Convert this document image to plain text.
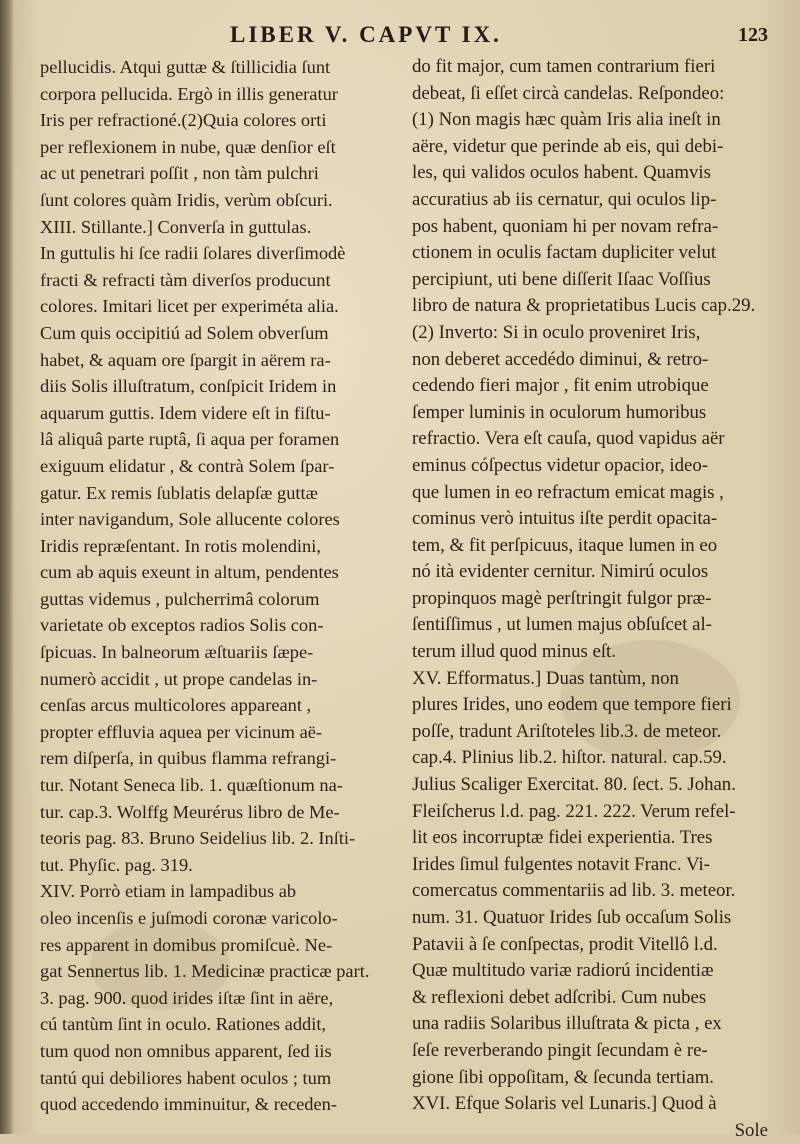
LIBER V. CAPVT IX.	123
pellucidis. Atqui guttæ & ſtillicidia ſunt
corpora pellucida. Ergò in illis generatur
Iris per refractioné.(2)Quia colores orti
per reflexionem in nube, quæ denſior eſt
ac ut penetrari poſſit , non tàm pulchri
ſunt colores quàm Iridis, verùm obſcuri.
XIII. Stillante.] Converſa in guttulas.
In guttulis hi ſce radii ſolares diverſimodè
fracti & refracti tàm diverſos producunt
colores. Imitari licet per experiméta alia.
Cum quis occipitiú ad Solem obverſum
habet, & aquam ore ſpargit in aërem ra-
diis Solis illuſtratum, conſpicit Iridem in
aquarum guttis. Idem videre eſt in fiſtu-
lâ aliquâ parte ruptâ, ſi aqua per foramen
exiguum elidatur , & contrà Solem ſpar-
gatur. Ex remis ſublatis delapſæ guttæ
inter navigandum, Sole allucente colores
Iridis repræſentant. In rotis molendini,
cum ab aquis exeunt in altum, pendentes
guttas videmus , pulcherrimâ colorum
varietate ob exceptos radios Solis con-
ſpicuas. In balneorum æſtuariis ſæpe-
numerò accidit , ut prope candelas in-
cenſas arcus multicolores appareant ,
propter effluvia aquea per vicinum aë-
rem diſperſa, in quibus flamma refrangi-
tur. Notant Seneca lib. 1. quæſtionum na-
tur. cap.3. Wolffg Meurérus libro de Me-
teoris pag. 83. Bruno Seidelius lib. 2. Inſti-
tut. Phyſic. pag. 319.
XIV. Porrò etiam in lampadibus ab
oleo incenſis e juſmodi coronæ varicolo-
res apparent in domibus promiſcuè. Ne-
gat Sennertus lib. 1. Medicinæ practicæ part.
3. pag. 900. quod irides iſtæ ſint in aëre,
cú tantùm ſint in oculo. Rationes addit,
tum quod non omnibus apparent, ſed iis
tantú qui debiliores habent oculos ; tum
quod accedendo imminuitur, & receden-
do fit major, cum tamen contrarium fieri
debeat, ſi eſſet circà candelas. Reſpondeo:
(1) Non magis hæc quàm Iris alia ineſt in
aëre, videtur que perinde ab eis, qui debi-
les, qui validos oculos habent. Quamvis
accuratius ab iis cernatur, qui oculos lip-
pos habent, quoniam hi per novam refra-
ctionem in oculis factam dupliciter velut
percipiunt, uti bene diſſerit Iſaac Voſſius
libro de natura & proprietatibus Lucis cap.29.
(2) Inverto: Si in oculo proveniret Iris,
non deberet accedédo diminui, & retro-
cedendo fieri major , fit enim utrobique
ſemper luminis in oculorum humoribus
refractio. Vera eſt cauſa, quod vapidus aër
eminus cóſpectus videtur opacior, ideo-
que lumen in eo refractum emicat magis ,
cominus verò intuitus iſte perdit opacita-
tem, & fit perſpicuus, itaque lumen in eo
nó ità evidenter cernitur. Nimirú oculos
propinquos magè perſtringit fulgor præ-
ſentiſſimus , ut lumen majus obſuſcet al-
terum illud quod minus eſt.
XV. Efformatus.] Duas tantùm, non
plures Irides, uno eodem que tempore fieri
poſſe, tradunt Ariſtoteles lib.3. de meteor.
cap.4. Plinius lib.2. hiſtor. natural. cap.59.
Julius Scaliger Exercitat. 80. ſect. 5. Johan.
Fleiſcherus l.d. pag. 221. 222. Verum refel-
lit eos incorruptæ fidei experientia. Tres
Irides ſimul fulgentes notavit Franc. Vi-
comercatus commentariis ad lib. 3. meteor.
num. 31. Quatuor Irides ſub occaſum Solis
Patavii à ſe conſpectas, prodit Vitellô l.d.
Quæ multitudo variæ radiorú incidentiæ
& reflexioni debet adſcribi. Cum nubes
una radiis Solaribus illuſtrata & picta , ex
ſeſe reverberando pingit ſecundam è re-
gione ſibi oppoſitam, & ſecunda tertiam.
XVI. Efque Solaris vel Lunaris.] Quod à
Sole
